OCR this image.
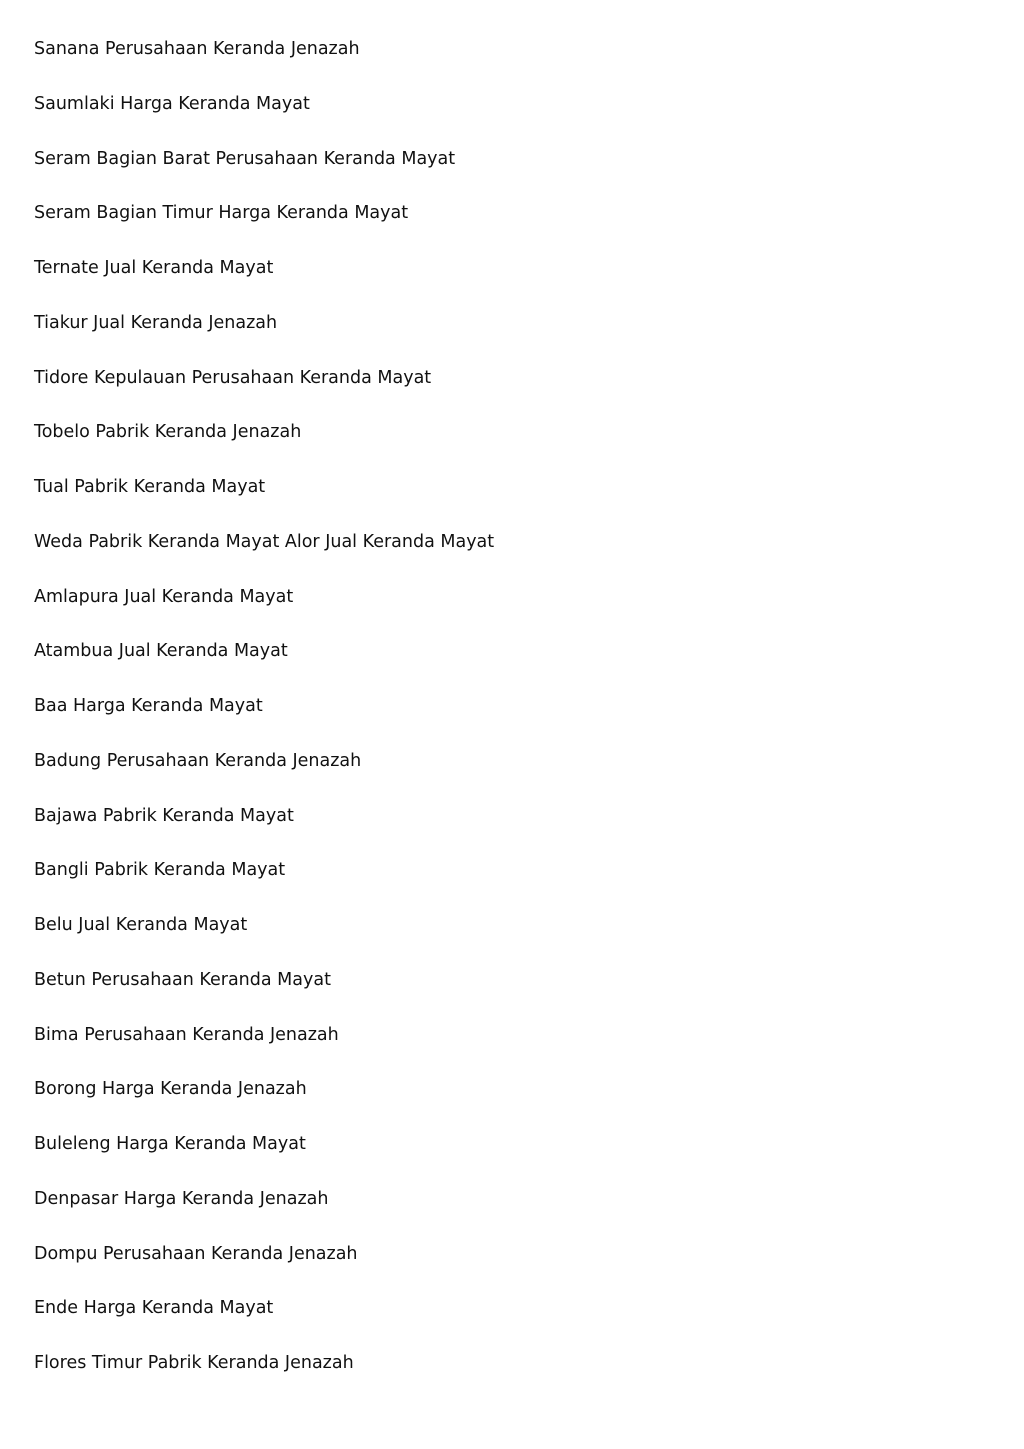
Sanana Perusahaan Keranda Jenazah
Saumlaki Harga Keranda Mayat
Seram Bagian Barat Perusahaan Keranda Mayat
Seram Bagian Timur Harga Keranda Mayat
Ternate Jual Keranda Mayat
Tiakur Jual Keranda Jenazah
Tidore Kepulauan Perusahaan Keranda Mayat
Tobelo Pabrik Keranda Jenazah
Tual Pabrik Keranda Mayat
Weda Pabrik Keranda Mayat Alor Jual Keranda Mayat
Amlapura Jual Keranda Mayat
Atambua Jual Keranda Mayat
Baa Harga Keranda Mayat
Badung Perusahaan Keranda Jenazah
Bajawa Pabrik Keranda Mayat
Bangli Pabrik Keranda Mayat
Belu Jual Keranda Mayat
Betun Perusahaan Keranda Mayat
Bima Perusahaan Keranda Jenazah
Borong Harga Keranda Jenazah
Buleleng Harga Keranda Mayat
Denpasar Harga Keranda Jenazah
Dompu Perusahaan Keranda Jenazah
Ende Harga Keranda Mayat
Flores Timur Pabrik Keranda Jenazah
